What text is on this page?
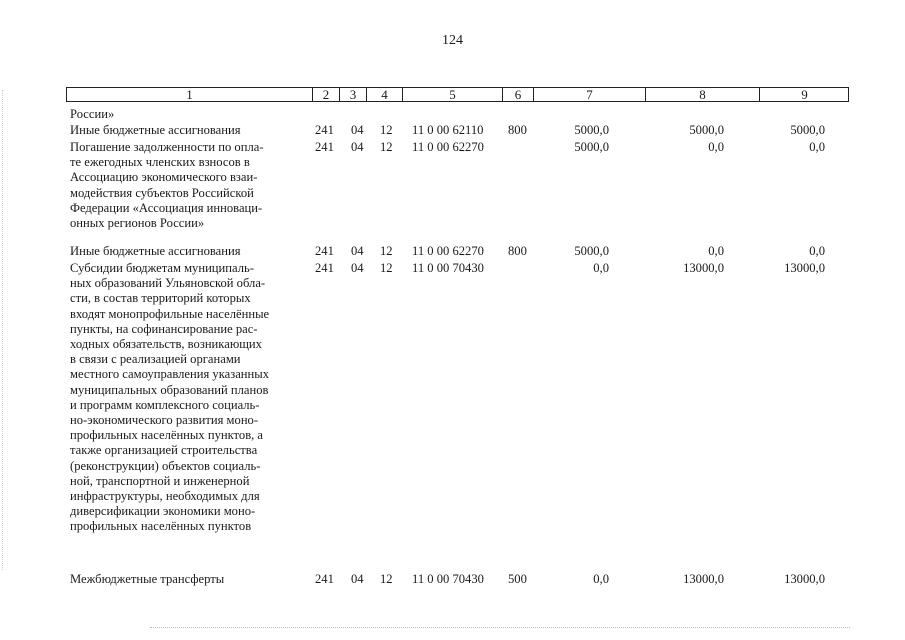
124
1	2	3	4	5	6	7	8	9
России»
Иные бюджетные ассигнования	241 04 12 11 0 00 62110 800	5000,0	5000,0	5000,0
Погашение задолженности по опла-
те ежегодных членских взносов в
Ассоциацию экономического взаи-
модействия субъектов Российской
Федерации «Ассоциация инноваци-
онных регионов России»
241 04 12 11 0 00 62270	5000,0	0,0	0,0
Иные бюджетные ассигнования	241 04 12 11 0 00 62270 800	5000,0	0,0	0,0
Субсидии бюджетам муниципаль-
ных образований Ульяновской обла-
сти, в состав территорий которых
входят монопрофильные населённые
пункты, на софинансирование рас-
ходных обязательств, возникающих
в связи с реализацией органами
местного самоуправления указанных
муниципальных образований планов
и программ комплексного социаль-
но-экономического развития моно-
профильных населённых пунктов, а
также организацией строительства
(реконструкции) объектов социаль-
ной, транспортной и инженерной
инфраструктуры, необходимых для
диверсификации экономики моно-
профильных населённых пунктов
241 04 12 11 0 00 70430	0,0	13000,0	13000,0
Межбюджетные трансферты	241 04 12 11 0 00 70430 500	0,0	13000,0	13000,0
